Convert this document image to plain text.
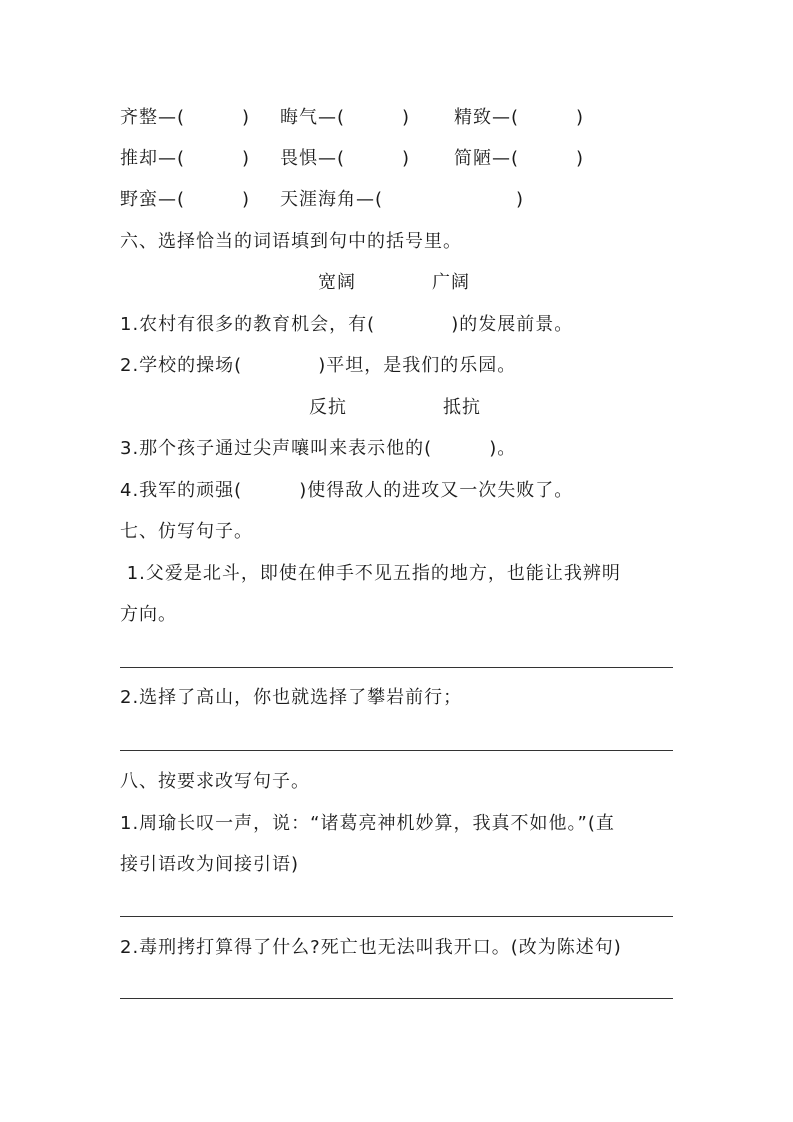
齐整—(　　　)

晦气—(　　　)

精致—(　　　)

推却—(　　　)

畏惧—(　　　)

简陋—(　　　)

野蛮—(　　　)

天涯海角—(　　　　　　　)

六、选择恰当的词语填到句中的括号里。

宽阔

	广阔

1.农村有很多的教育机会，有(　　　　)的发展前景。
2.学校的操场(　　　　)平坦，是我们的乐园。

反抗

	抵抗

3.那个孩子通过尖声嚷叫来表示他的(　　　)。
4.我军的顽强(　　　)使得敌人的进攻又一次失败了。
七、仿写句子。
1.父爱是北斗，即使在伸手不见五指的地方，也能让我辨明
方向。
2.选择了高山，你也就选择了攀岩前行；
八、按要求改写句子。
1.周瑜长叹一声，说：“诸葛亮神机妙算，我真不如他。”(直
接引语改为间接引语)
2.毒刑拷打算得了什么?死亡也无法叫我开口。(改为陈述句)
